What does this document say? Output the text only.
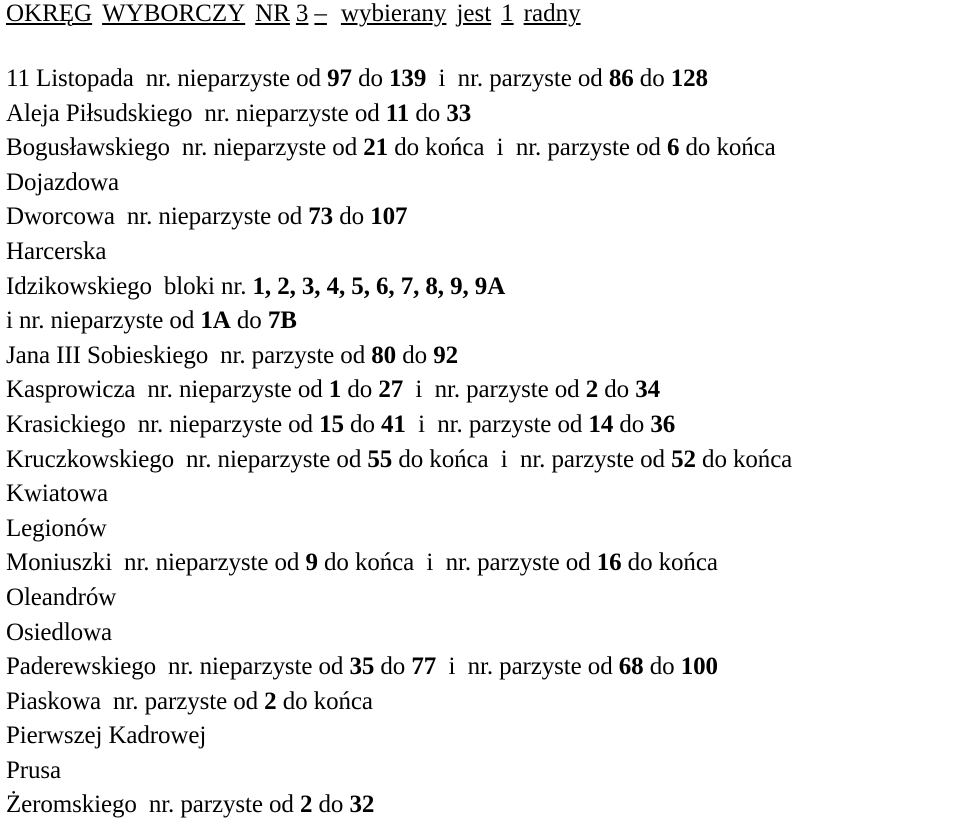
OKRĘG WYBORCZY NR 3 – wybierany jest 1 radny
11 Listopada nr. nieparzyste od 97 do 139  i  nr. parzyste od 86 do 128
Aleja Piłsudskiego nr. nieparzyste od 11 do 33
Bogusławskiego nr. nieparzyste od 21 do końca  i  nr. parzyste od 6 do końca
Dojazdowa
Dworcowa nr. nieparzyste od 73 do 107
Harcerska
Idzikowskiego bloki nr. 1, 2, 3, 4, 5, 6, 7, 8, 9, 9A
i nr. nieparzyste od 1A do 7B
Jana III Sobieskiego nr. parzyste od 80 do 92
Kasprowicza nr. nieparzyste od 1 do 27  i  nr. parzyste od 2 do 34
Krasickiego nr. nieparzyste od 15 do 41  i  nr. parzyste od 14 do 36
Kruczkowskiego nr. nieparzyste od 55 do końca  i  nr. parzyste od 52 do końca
Kwiatowa
Legionów
Moniuszki nr. nieparzyste od 9 do końca  i  nr. parzyste od 16 do końca
Oleandrów
Osiedlowa
Paderewskiego nr. nieparzyste od 35 do 77  i  nr. parzyste od 68 do 100
Piaskowa nr. parzyste od 2 do końca
Pierwszej Kadrowej
Prusa
Żeromskiego nr. parzyste od 2 do 32
